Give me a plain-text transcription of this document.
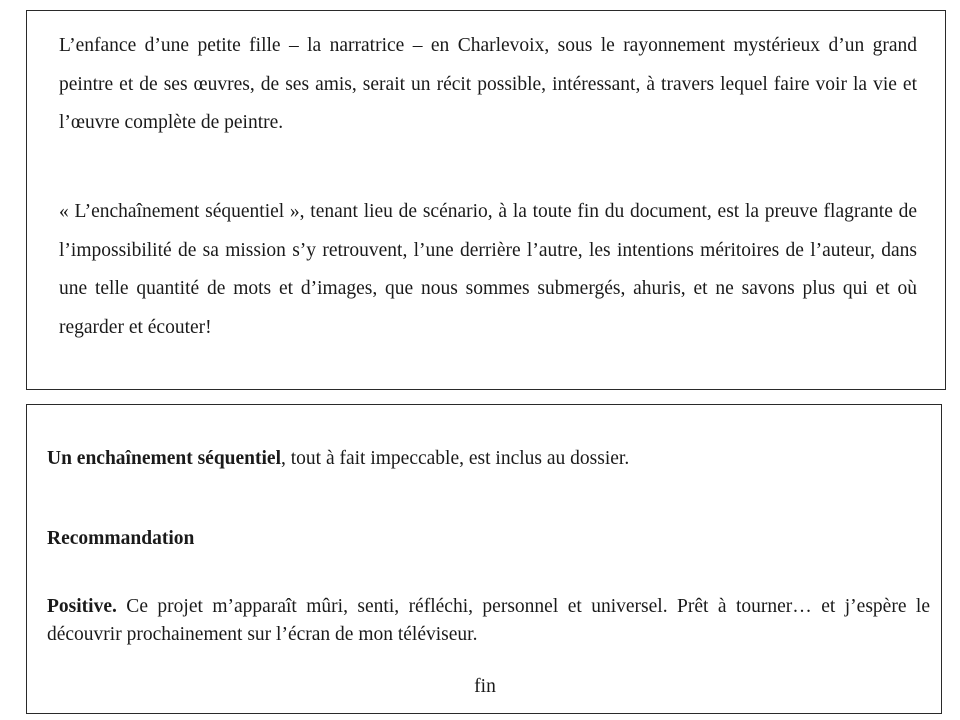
L’enfance d’une petite fille – la narratrice – en Charlevoix, sous le rayonnement mystérieux d’un grand peintre et de ses œuvres, de ses amis, serait un récit possible, intéressant, à travers lequel faire voir la vie et l’œuvre complète de peintre.

« L’enchaînement séquentiel », tenant lieu de scénario, à la toute fin du document, est la preuve flagrante de l’impossibilité de sa mission s’y retrouvent, l’une derrière l’autre, les intentions méritoires de l’auteur, dans une telle quantité de mots et d’images, que nous sommes submergés, ahuris, et ne savons plus qui et où regarder et écouter!

Un enchaînement séquentiel, tout à fait impeccable, est inclus au dossier.

Recommandation

Positive. Ce projet m’apparaît mûri, senti, réfléchi, personnel et universel. Prêt à tourner… et j’espère le découvrir prochainement sur l’écran de mon téléviseur.

fin
